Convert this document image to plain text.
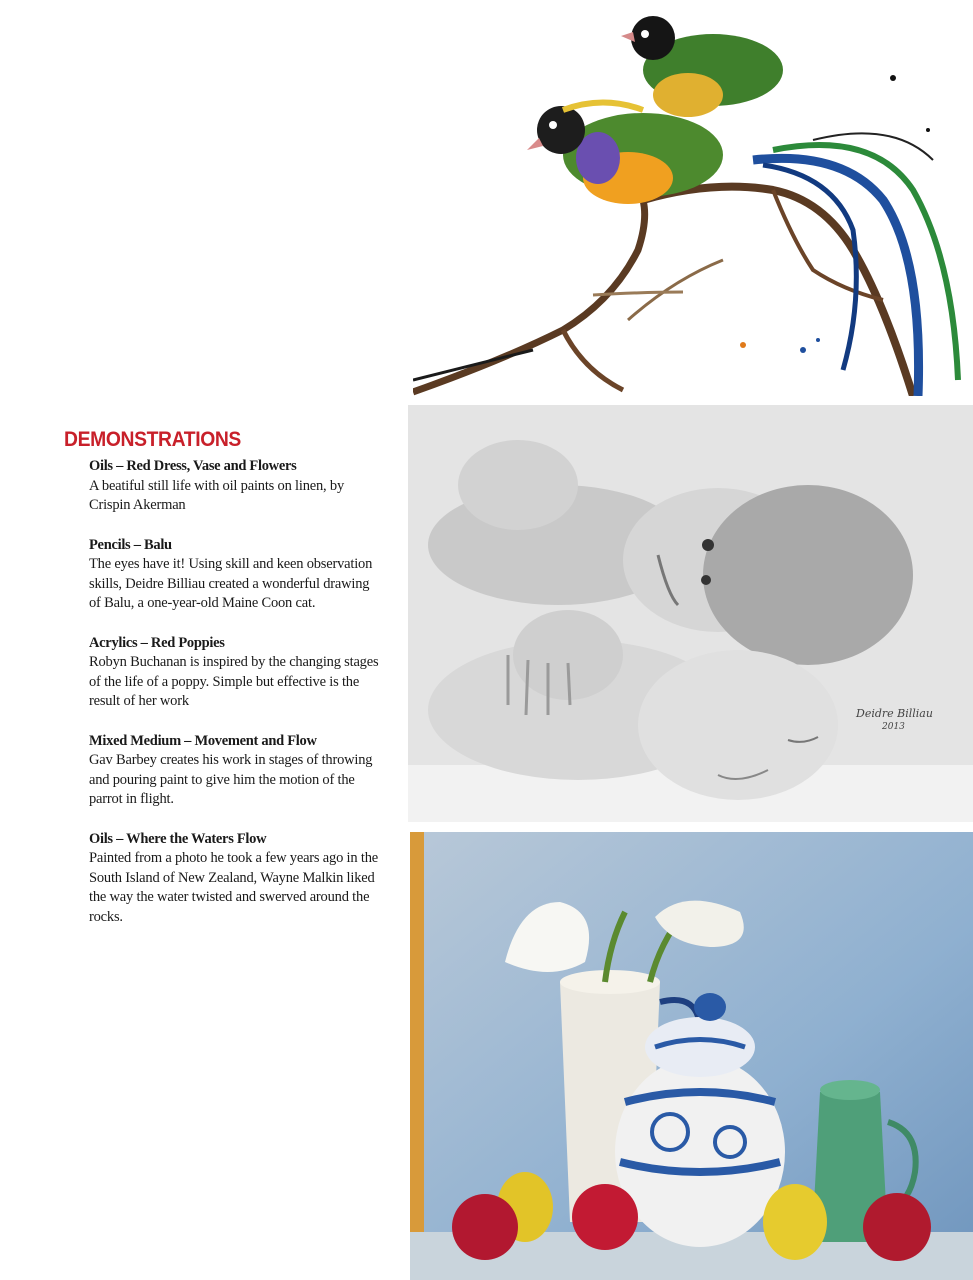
DEMONSTRATIONS

Oils – Red Dress, Vase and Flowers

A beatiful still life with oil paints on linen, by Crispin Akerman

Pencils – Balu

The eyes have it! Using skill and keen observation skills, Deidre Billiau created a wonderful drawing of Balu, a one-year-old Maine Coon cat.

Acrylics – Red Poppies

Robyn Buchanan is inspired by the changing stages of the life of a poppy. Simple but effective is the result of her work

Mixed Medium – Movement and Flow

Gav Barbey creates his work in stages of throwing and pouring paint to give him the motion of the parrot in flight.

Oils – Where the Waters Flow

Painted from a photo he took a few years ago in the South Island of New Zealand, Wayne Malkin liked the way the water twisted and swerved around the rocks.

Deidre Billiau
2013
